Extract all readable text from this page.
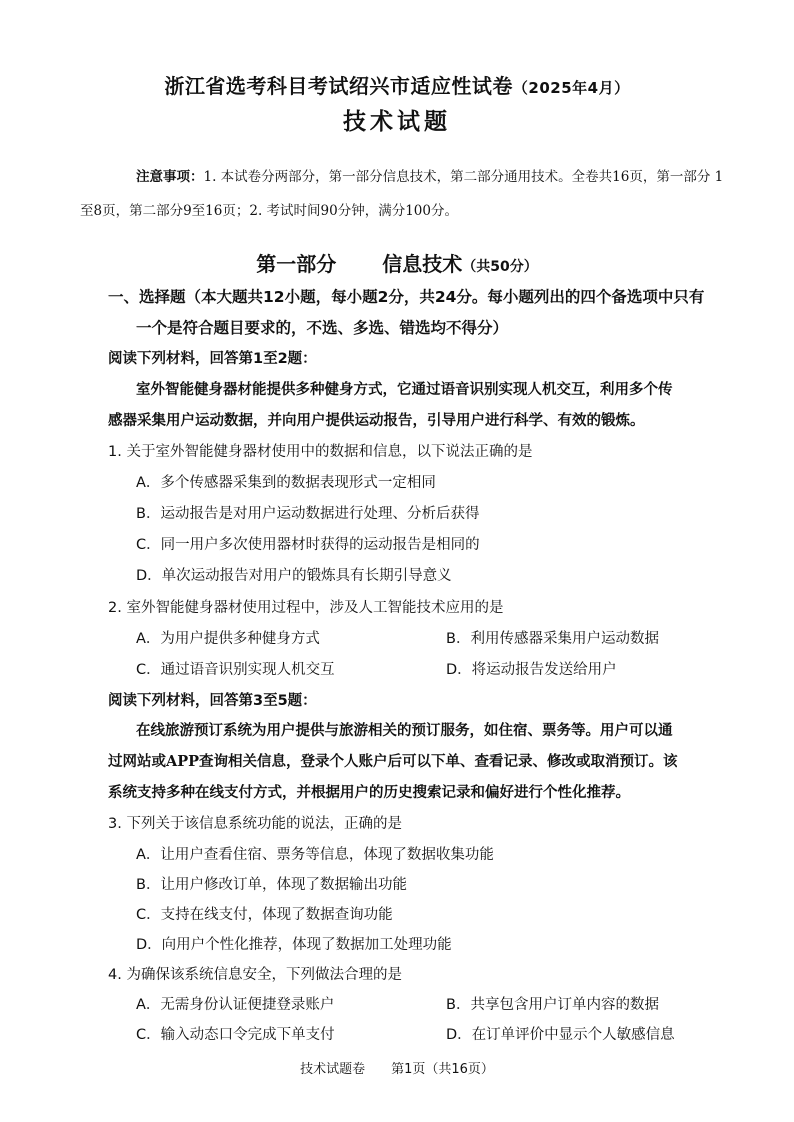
浙江省选考科目考试绍兴市适应性试卷（2025年4月）
技术试题
注意事项：1. 本试卷分两部分，第一部分信息技术，第二部分通用技术。全卷共16页，第一部分 1
至8页，第二部分9至16页；2. 考试时间90分钟，满分100分。
第一部分 信息技术（共50分）
一、选择题（本大题共12小题，每小题2分，共24分。每小题列出的四个备选项中只有
一个是符合题目要求的，不选、多选、错选均不得分）
阅读下列材料，回答第1至2题：
室外智能健身器材能提供多种健身方式，它通过语音识别实现人机交互，利用多个传
感器采集用户运动数据，并向用户提供运动报告，引导用户进行科学、有效的锻炼。
1. 关于室外智能健身器材使用中的数据和信息，以下说法正确的是
A．多个传感器采集到的数据表现形式一定相同
B．运动报告是对用户运动数据进行处理、分析后获得
C．同一用户多次使用器材时获得的运动报告是相同的
D．单次运动报告对用户的锻炼具有长期引导意义
2. 室外智能健身器材使用过程中，涉及人工智能技术应用的是
A．为用户提供多种健身方式	B．利用传感器采集用户运动数据
C．通过语音识别实现人机交互	D．将运动报告发送给用户
阅读下列材料，回答第3至5题：
在线旅游预订系统为用户提供与旅游相关的预订服务，如住宿、票务等。用户可以通
过网站或APP查询相关信息，登录个人账户后可以下单、查看记录、修改或取消预订。该
系统支持多种在线支付方式，并根据用户的历史搜索记录和偏好进行个性化推荐。
3. 下列关于该信息系统功能的说法，正确的是
A．让用户查看住宿、票务等信息，体现了数据收集功能
B．让用户修改订单，体现了数据输出功能
C．支持在线支付，体现了数据查询功能
D．向用户个性化推荐，体现了数据加工处理功能
4. 为确保该系统信息安全，下列做法合理的是
A．无需身份认证便捷登录账户	B．共享包含用户订单内容的数据
C．输入动态口令完成下单支付	D．在订单评价中显示个人敏感信息
技术试题卷 第1页（共16页）
